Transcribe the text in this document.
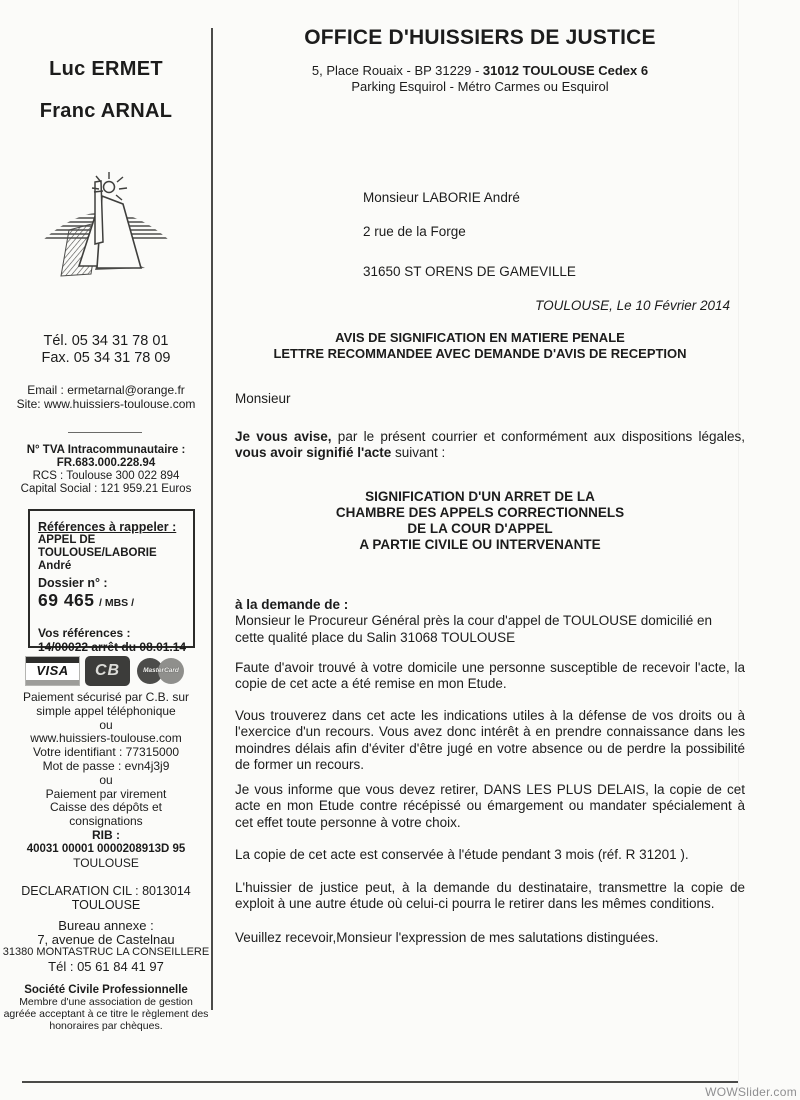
Luc ERMET
Franc ARNAL
Tél. 05 34 31 78 01
Fax. 05 34 31 78 09
Email : ermetarnal@orange.fr
Site: www.huissiers-toulouse.com
N° TVA Intracommunautaire :
FR.683.000.228.94
RCS : Toulouse 300 022 894
Capital Social : 121 959.21 Euros
Références à rappeler :
APPEL DE TOULOUSE/LABORIE
André
Dossier n° :
69 465 / MBS /
Vos références :
14/00022 arrêt du 08.01.14
VISA	CB	MasterCard
Paiement sécurisé par C.B. sur
simple appel téléphonique
ou
www.huissiers-toulouse.com
Votre identifiant : 77315000
Mot de passe : evn4j3j9
ou
Paiement par virement
Caisse des dépôts et
consignations
RIB :
40031 00001 0000208913D 95
TOULOUSE
DECLARATION CIL : 8013014
TOULOUSE
Bureau annexe :
7, avenue de Castelnau
31380 MONTASTRUC LA CONSEILLERE
Tél : 05 61 84 41 97
Société Civile Professionnelle
Membre d'une association de gestion
agréée acceptant à ce titre le règlement des
honoraires par chèques.
OFFICE D'HUISSIERS DE JUSTICE
5, Place Rouaix - BP 31229 - 31012 TOULOUSE Cedex 6
Parking Esquirol - Métro Carmes ou Esquirol
Monsieur LABORIE André
2 rue de la Forge
31650 ST ORENS DE GAMEVILLE
TOULOUSE, Le 10 Février 2014
AVIS DE SIGNIFICATION EN MATIERE PENALE
LETTRE RECOMMANDEE AVEC DEMANDE D'AVIS DE RECEPTION
Monsieur
Je vous avise, par le présent courrier et conformément aux dispositions légales, vous avoir signifié l'acte suivant :
SIGNIFICATION D'UN ARRET DE LA
CHAMBRE DES APPELS CORRECTIONNELS
DE LA COUR D'APPEL
A PARTIE CIVILE OU INTERVENANTE
à la demande de :
Monsieur le Procureur Général près la cour d'appel de TOULOUSE domicilié en cette qualité place du Salin 31068 TOULOUSE
Faute d'avoir trouvé à votre domicile une personne susceptible de recevoir l'acte, la copie de cet acte a été remise en mon Etude.
Vous trouverez dans cet acte les indications utiles à la défense de vos droits ou à l'exercice d'un recours. Vous avez donc intérêt à en prendre connaissance dans les moindres délais afin d'éviter d'être jugé en votre absence ou de perdre la possibilité de former un recours.
Je vous informe que vous devez retirer, DANS LES PLUS DELAIS, la copie de cet acte en mon Etude contre récépissé ou émargement ou mandater spécialement à cet effet toute personne à votre choix.
La copie de cet acte est conservée à l'étude pendant 3 mois (réf. R 31201 ).
L'huissier de justice peut, à la demande du destinataire, transmettre la copie de exploit à une autre étude où celui-ci pourra le retirer dans les mêmes conditions.
Veuillez recevoir,Monsieur l'expression de mes salutations distinguées.
WOWSlider.com
